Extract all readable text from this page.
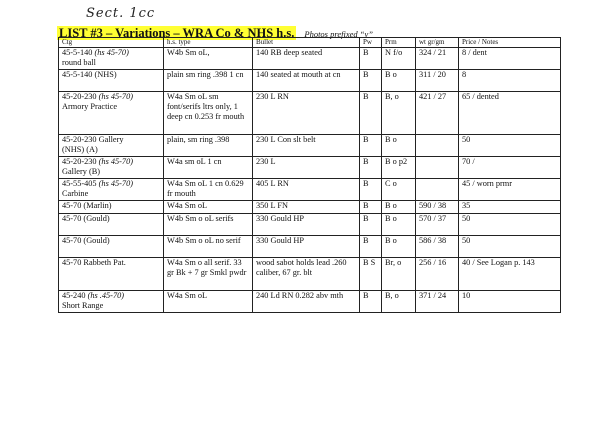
Sect. 1cc
LIST #3 – Variations – WRA Co & NHS h.s. Photos prefixed “v”
Ctg	h.s. type	Bullet	Pw	Prm	wt gr/gm	Price / Notes

45-5-140 (hs 45-70)
round ball	W4b Sm oL,	140 RB deep seated	B	N f/o	324 / 21	8 / dent

45-5-140 (NHS)	plain sm ring .398 1 cn	140 seated at mouth at cn	B	B o	311 / 20	8

45-20-230 (hs 45-70)
Armory Practice	W4a Sm oL sm font/serifs ltrs only, 1 deep cn 0.253 fr mouth	230 L RN	B	B, o	421 / 27	65 / dented

45-20-230 Gallery
(NHS) (A)	plain, sm ring .398	230 L Con slt belt	B	B o		50

45-20-230 (hs 45-70)
Gallery (B)	W4a sm oL 1 cn	230 L	B	B o p2		70 /

45-55-405 (hs 45-70)
Carbine	W4a Sm oL 1 cn 0.629 fr mouth	405 L RN	B	C o		45 / worn prmr

45-70 (Marlin)	W4a Sm oL	350 L FN	B	B o	590 / 38	35

45-70 (Gould)	W4b Sm o oL serifs	330 Gould HP	B	B o	570 / 37	50

45-70 (Gould)	W4b Sm o oL no serif	330 Gould HP	B	B o	586 / 38	50

45-70 Rabbeth Pat.	W4a Sm o all serif. 33 gr Bk + 7 gr Smkl pwdr	wood sabot holds lead .260 caliber, 67 gr. blt	B S	Br, o	256 / 16	40 / See Logan p. 143

45-240 (hs .45-70)
Short Range	W4a Sm oL	240 Ld RN 0.282 abv mth	B	B, o	371 / 24	10
